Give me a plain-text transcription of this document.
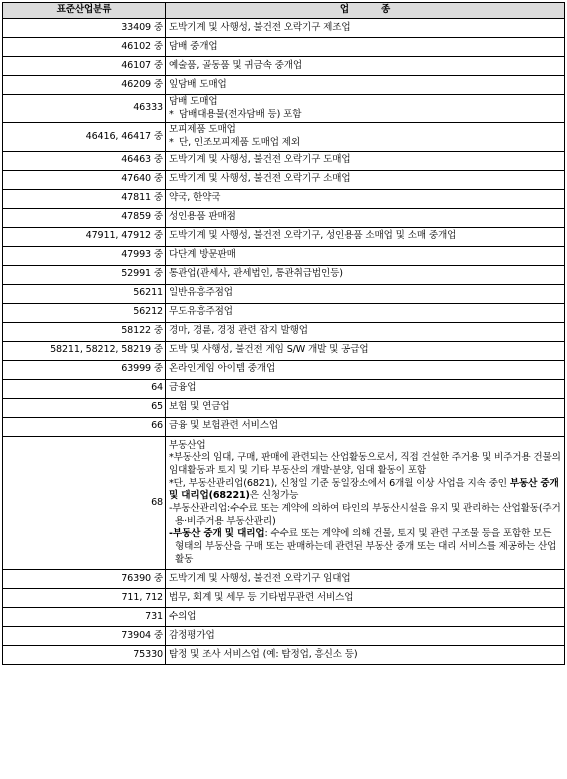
표준산업분류	업          종
33409 중	도박기계 및 사행성, 불건전 오락기구 제조업
46102 중	담배 중개업
46107 중	예술품, 골동품 및 귀금속 중개업
46209 중	잎담배 도매업
46333	담배 도매업
* 담배대용물(전자담배 등) 포함

46416, 46417 중	모피제품 도매업
* 단, 인조모피제품 도매업 제외

46463 중	도박기계 및 사행성, 불건전 오락기구 도매업
47640 중	도박기계 및 사행성, 불건전 오락기구 소매업
47811 중	약국, 한약국
47859 중	성인용품 판매점
47911, 47912 중	도박기계 및 사행성, 불건전 오락기구, 성인용품 소매업 및 소매 중개업
47993 중	다단계 방문판매
52991 중	통관업(관세사, 관세법인, 통관취급법인등)
56211	일반유흥주점업
56212	무도유흥주점업
58122 중	경마, 경륜, 경정 관련 잡지 발행업
58211, 58212, 58219 중	도박 및 사행성, 불건전 게임 S/W 개발 및 공급업
63999 중	온라인게임 아이템 중개업
64	금융업
65	보험 및 연금업
66	금융 및 보험관련 서비스업
68	부동산업
*부동산의 임대, 구매, 판매에 관련되는 산업활동으로서, 직접 건설한 주거용 및 비주거용 건물의 임대활동과 토지 및 기타 부동산의 개발·분양, 임대 활동이 포함
*단, 부동산관리업(6821), 신청일 기준 동일장소에서 6개월 이상 사업을 지속 중인 부동산 중개 및 대리업(68221)은 신청가능
-부동산관리업:수수료 또는 계약에 의하여 타인의 부동산시설을 유지 및 관리하는 산업활동(주거용·비주거용 부동산관리)
-부동산 중개 및 대리업: 수수료 또는 계약에 의해 건물, 토지 및 관련 구조물 등을 포함한 모든 형태의 부동산을 구매 또는 판매하는데 관련된 부동산 중개 또는 대리 서비스를 제공하는 산업활동

76390 중	도박기계 및 사행성, 불건전 오락기구 임대업
711, 712	법무, 회계 및 세무 등 기타법무관련 서비스업
731	수의업
73904 중	감정평가업
75330	탐정 및 조사 서비스업 (예: 탐정업, 흥신소 등)
